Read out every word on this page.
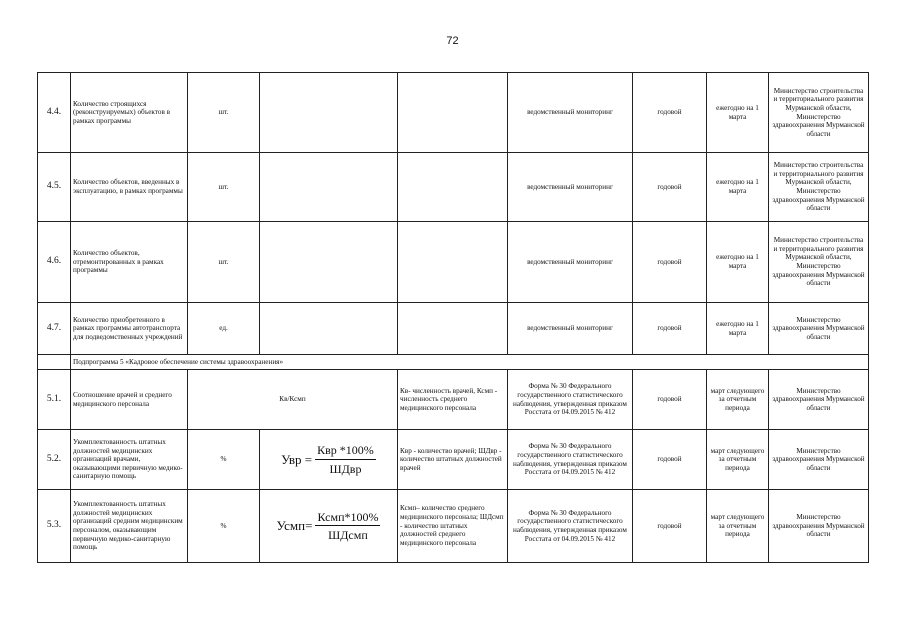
72
4.4.	Количество строящихся (реконструируемых) объектов в рамках программы	шт.			ведомственный мониторинг	годовой	ежегодно на 1 марта	Министерство строительства и территориального развития Мурманской области, Министерство здравоохранения Мурманской области
4.5.	Количество объектов, введенных в эксплуатацию, в рамках программы	шт.			ведомственный мониторинг	годовой	ежегодно на 1 марта	Министерство строительства и территориального развития Мурманской области, Министерство здравоохранения Мурманской области
4.6.	Количество объектов, отремонтированных в рамках программы	шт.			ведомственный мониторинг	годовой	ежегодно на 1 марта	Министерство строительства и территориального развития Мурманской области, Министерство здравоохранения Мурманской области
4.7.	Количество приобретенного в рамках программы автотранспорта для подведомственных учреждений	ед.			ведомственный мониторинг	годовой	ежегодно на 1 марта	Министерство здравоохранения Мурманской области
	Подпрограмма 5 «Кадровое обеспечение системы здравоохранения»							
5.1.	Соотношение врачей и среднего медицинского персонала	Кв/Ксмп		Кв- численность врачей, Ксмп - численность среднего медицинского персонала	Форма № 30 Федерального государственного статистического наблюдения, утвержденная приказом Росстата от 04.09.2015 № 412	годовой	март следующего за отчетным периода	Министерство здравоохранения Мурманской области
5.2.	Укомплектованность штатных должностей медицинских организаций врачами, оказывающими первичную медико-санитарную помощь	%	Увр = $\frac{\text{Квр *100\%}}{\text{ШДвр}}$	Квр - количество врачей; ШДвр - количество штатных должностей врачей	Форма № 30 Федерального государственного статистического наблюдения, утвержденная приказом Росстата от 04.09.2015 № 412	годовой	март следующего за отчетным периода	Министерство здравоохранения Мурманской области
5.3.	Укомплектованность штатных должностей медицинских организаций средним медицинским персоналом, оказывающим первичную медико-санитарную помощь	%	Усмп= $\frac{\text{Ксмп*100\%}}{\text{ШДсмп}}$	Ксмп– количество среднего медицинского персонала; ШДсмп - количество штатных должностей среднего медицинского персонала	Форма № 30 Федерального государственного статистического наблюдения, утвержденная приказом Росстата от 04.09.2015 № 412	годовой	март следующего за отчетным периода	Министерство здравоохранения Мурманской области
